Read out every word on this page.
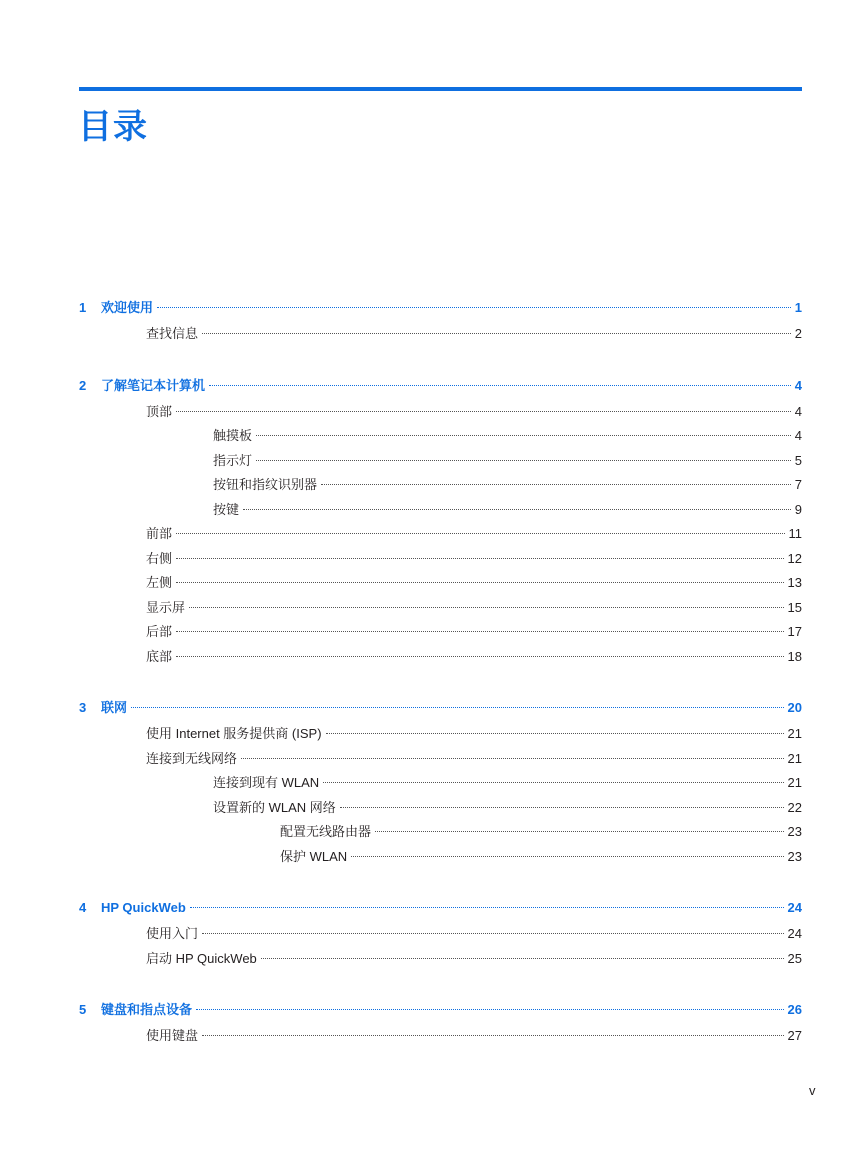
目录
1	欢迎使用	1
查找信息	2
2	了解笔记本计算机	4
顶部	4
触摸板	4
指示灯	5
按钮和指纹识别器	7
按键	9
前部	11
右侧	12
左侧	13
显示屏	15
后部	17
底部	18
3	联网	20
使用 Internet 服务提供商 (ISP)	21
连接到无线网络	21
连接到现有 WLAN	21
设置新的 WLAN 网络	22
配置无线路由器	23
保护 WLAN	23
4	HP QuickWeb	24
使用入门	24
启动 HP QuickWeb	25
5	键盘和指点设备	26
使用键盘	27
v
